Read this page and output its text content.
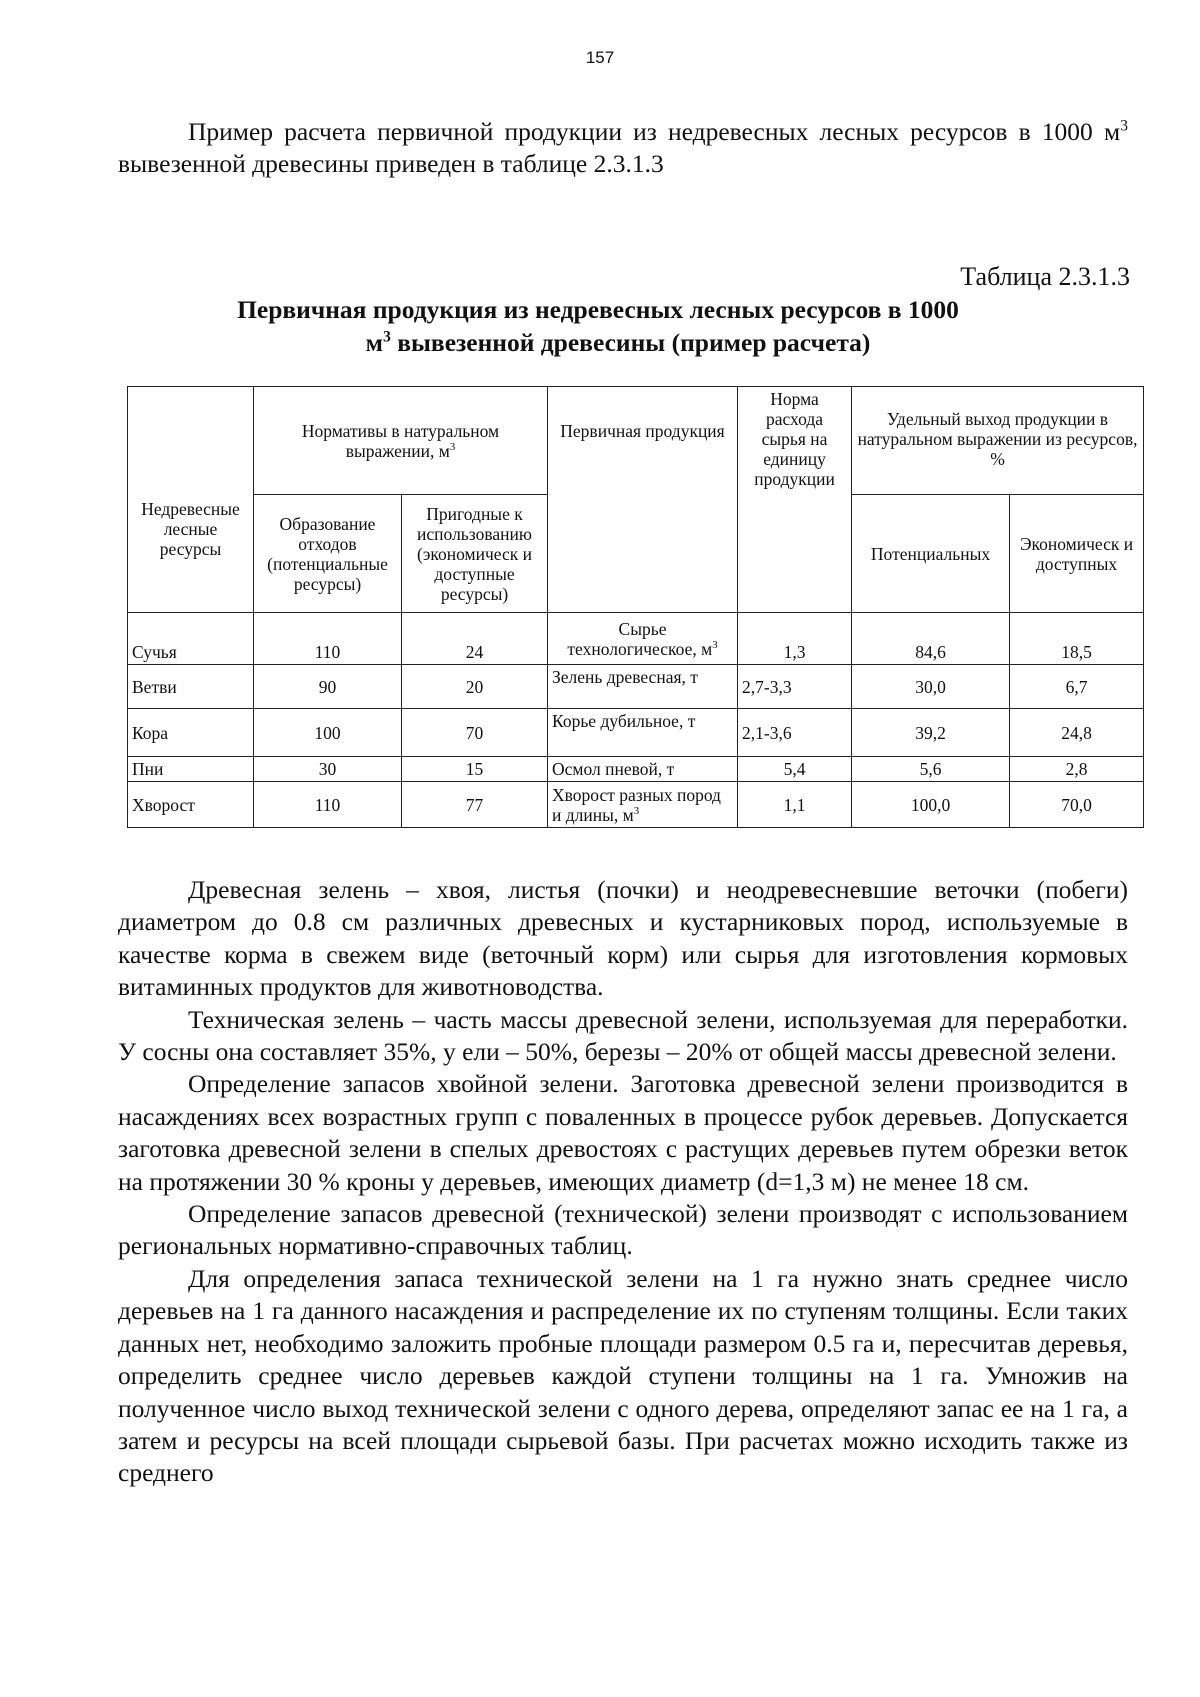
157

Пример расчета первичной продукции из недревесных лесных ресурсов в 1000 $м^3$ вывезенной древесины приведен в таблице 2.3.1.3

Таблица 2.3.1.3
Первичная продукция из недревесных лесных ресурсов в 1000
$м^3$ вывезенной древесины (пример расчета)
Недревесные лесные ресурсы	Нормативы в натуральном выражении, $м^3$		Первичная продукция	Норма расхода сырья на единицу продукции	Удельный выход продукции в натуральном выражении из ресурсов, %	
	Образование отходов (потенциальные ресурсы)	Пригодные к использованию (экономическ и доступные ресурсы)			Потенциальных	Экономическ и доступных
Сучья	110	24	Сырье технологическое, $м^3$	1,3	84,6	18,5
Ветви	90	20	Зелень древесная, т	2,7-3,3	30,0	6,7
Кора	100	70	Корье дубильное, т	2,1-3,6	39,2	24,8
Пни	30	15	Осмол пневой, т	5,4	5,6	2,8
Хворост	110	77	Хворост разных пород и длины, $м^3$	1,1	100,0	70,0

Древесная зелень – хвоя, листья (почки) и неодревесневшие веточки (побеги) диаметром до 0.8 см различных древесных и кустарниковых пород, используемые в качестве корма в свежем виде (веточный корм) или сырья для изготовления кормовых витаминных продуктов для животноводства.

Техническая зелень – часть массы древесной зелени, используемая для переработки. У сосны она составляет 35%, у ели – 50%, березы – 20% от общей массы древесной зелени.

Определение запасов хвойной зелени. Заготовка древесной зелени производится в насаждениях всех возрастных групп с поваленных в процессе рубок деревьев. Допускается заготовка древесной зелени в спелых древостоях с растущих деревьев путем обрезки веток на протяжении 30 % кроны у деревьев, имеющих диаметр (d=1,3 м) не менее 18 см.

Определение запасов древесной (технической) зелени производят с использованием региональных нормативно-справочных таблиц.

Для определения запаса технической зелени на 1 га нужно знать среднее число деревьев на 1 га данного насаждения и распределение их по ступеням толщины. Если таких данных нет, необходимо заложить пробные площади размером 0.5 га и, пересчитав деревья, определить среднее число деревьев каждой ступени толщины на 1 га. Умножив на полученное число выход технической зелени с одного дерева, определяют запас ее на 1 га, а затем и ресурсы на всей площади сырьевой базы. При расчетах можно исходить также из среднего
